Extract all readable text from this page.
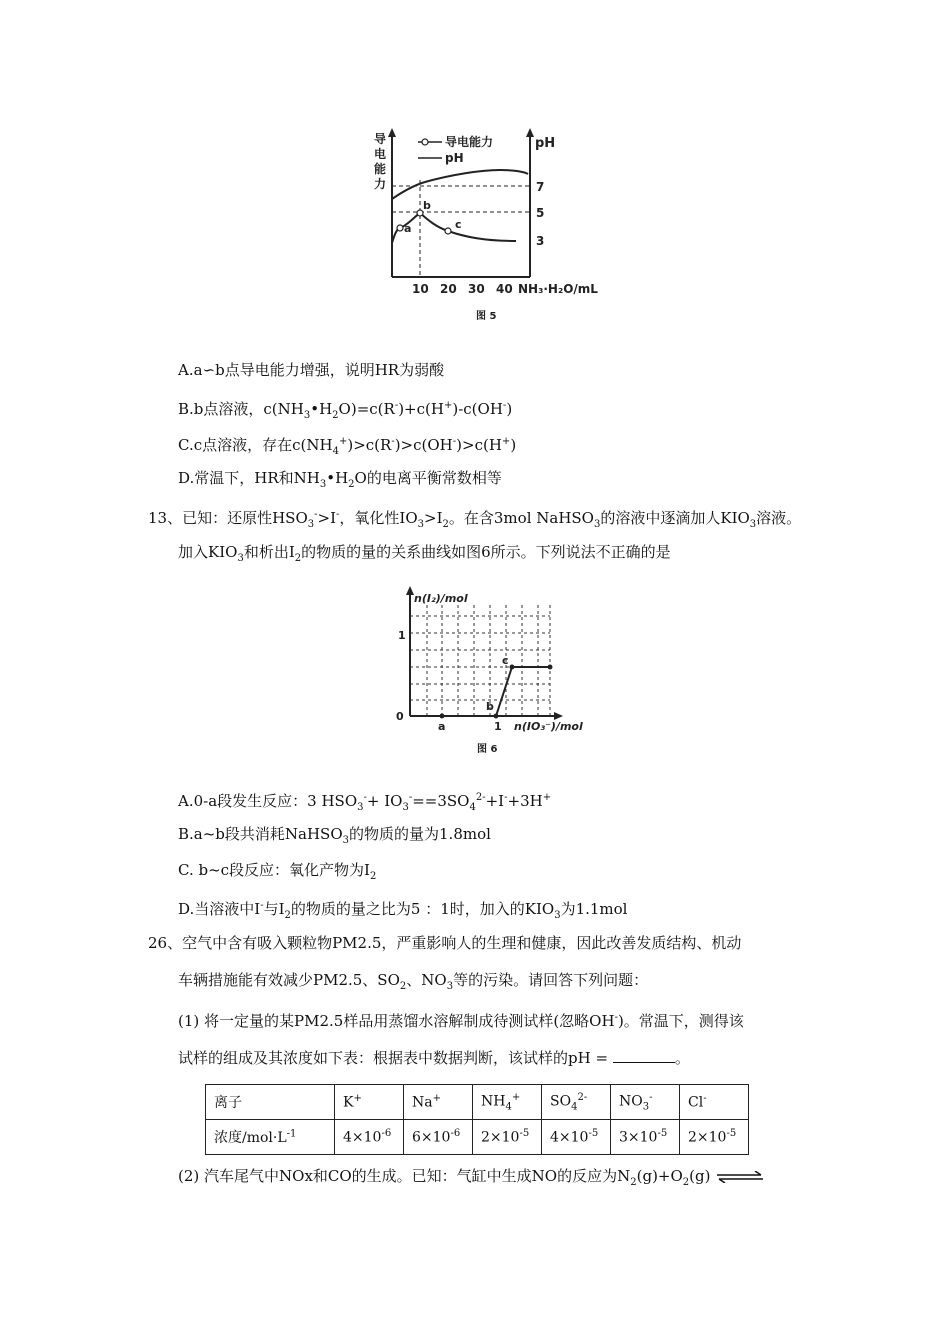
导
电
能
力
pH
导电能力
pH
7
5
3
a
b
c
10 20 30 40 NH₃·H₂O/mL
图 5
A.a∽b点导电能力增强，说明HR为弱酸
B.b点溶液，$c(NH_3•H_2O)=c(R^-)+c(H^+)-c(OH^-)$
C.c点溶液，存在$c(NH_4^+)>c(R^-)>c(OH^-)>c(H^+)$
D.常温下，HR和$NH_3•H_2O$的电离平衡常数相等
13、已知：还原性$HSO_3^->I^-$，氧化性$IO_3>I_2$。在含3mol NaHSO$_3$的溶液中逐滴加人$KIO_3$溶液。
加入$KIO_3$和析出$I_2$的物质的量的关系曲线如图6所示。下列说法不正确的是
n(I₂)/mol
1
0
1 n(IO₃⁻)/mol
a
b
c
图 6
A.0-a段发生反应：3 $HSO_3^-+ IO_3^-==3SO_4^{2-}+I^-+3H^+$
B.a~b段共消耗NaHSO$_3$的物质的量为1.8mol
C. b~c段反应：氧化产物为$I_2$
D.当溶液中I-与$I_2$的物质的量之比为5 ：1时，加入的$KIO_3$为1.1mol
26、空气中含有吸入颗粒物PM2.5，严重影响人的生理和健康，因此改善发质结构、机动
车辆措施能有效减少PM2.5、$SO_2$、$NO_3$等的污染。请回答下列问题：
(1) 将一定量的某PM2.5样品用蒸馏水溶解制成待测试样(忽略OH-)。常温下，测得该
试样的组成及其浓度如下表：根据表中数据判断，该试样的pH =	。
离子	K+	Na+	$NH_4^+$	$SO_4^{2-}$	$NO_3^-$	Cl-
浓度$/mol\cdot L^{-1}$	$4\times 10^{-6}$	$6\times 10^{-6}$	$2\times 10^{-5}$	$4\times 10^{-5}$	$3\times 10^{-5}$	$2\times 10^{-5}$
(2) 汽车尾气中NOx和CO的生成。已知：气缸中生成NO的反应为$N_2(g)+O_2(g)$ ⇌
